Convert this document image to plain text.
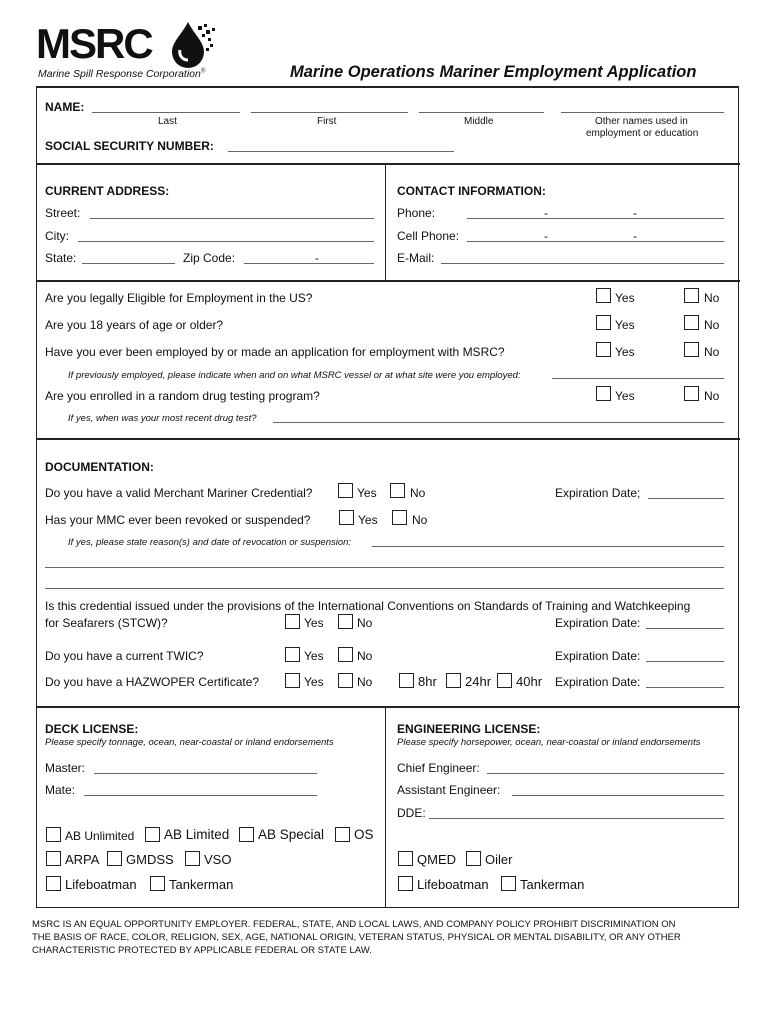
MSRC
Marine Spill Response Corporation®	Marine Operations Mariner Employment Application
NAME:
Last	First	Middle	Other names used in
employment or education
SOCIAL SECURITY NUMBER:
CURRENT ADDRESS:
Street:
City:
State:	Zip Code:	-
CONTACT INFORMATION:
Phone:	-	-
Cell Phone:	-	-
E-Mail:
Are you legally Eligible for Employment in the US?	Yes	No
Are you 18 years of age or older?	Yes	No
Have you ever been employed by or made an application for employment with MSRC?	Yes	No
If previously employed, please indicate when and on what MSRC vessel or at what site were you employed:
Are you enrolled in a random drug testing program?	Yes	No
If yes, when was your most recent drug test?
DOCUMENTATION:
Do you have a valid Merchant Mariner Credential?	Yes	No	Expiration Date;
Has your MMC ever been revoked or suspended?	Yes	No
If yes, please state reason(s) and date of revocation or suspension:
Is this credential issued under the provisions of the International Conventions on Standards of Training and Watchkeeping
for Seafarers (STCW)?	Yes	No	Expiration Date:
Do you have a current TWIC?	Yes	No	Expiration Date:
Do you have a HAZWOPER Certificate?	Yes	No	8hr 24hr 40hr Expiration Date:
DECK LICENSE:
Please specify tonnage, ocean, near-coastal or inland endorsements
Master:
Mate:
AB Unlimited AB Limited AB Special OS
ARPA GMDSS VSO
Lifeboatman Tankerman
ENGINEERING LICENSE:
Please specify horsepower, ocean, near-coastal or inland endorsements
Chief Engineer:
Assistant Engineer:
DDE:
QMED Oiler
Lifeboatman Tankerman
MSRC IS AN EQUAL OPPORTUNITY EMPLOYER. FEDERAL, STATE, AND LOCAL LAWS, AND COMPANY POLICY PROHIBIT DISCRIMINATION ON
THE BASIS OF RACE, COLOR, RELIGION, SEX, AGE, NATIONAL ORIGIN, VETERAN STATUS, PHYSICAL OR MENTAL DISABILITY, OR ANY OTHER
CHARACTERISTIC PROTECTED BY APPLICABLE FEDERAL OR STATE LAW.
